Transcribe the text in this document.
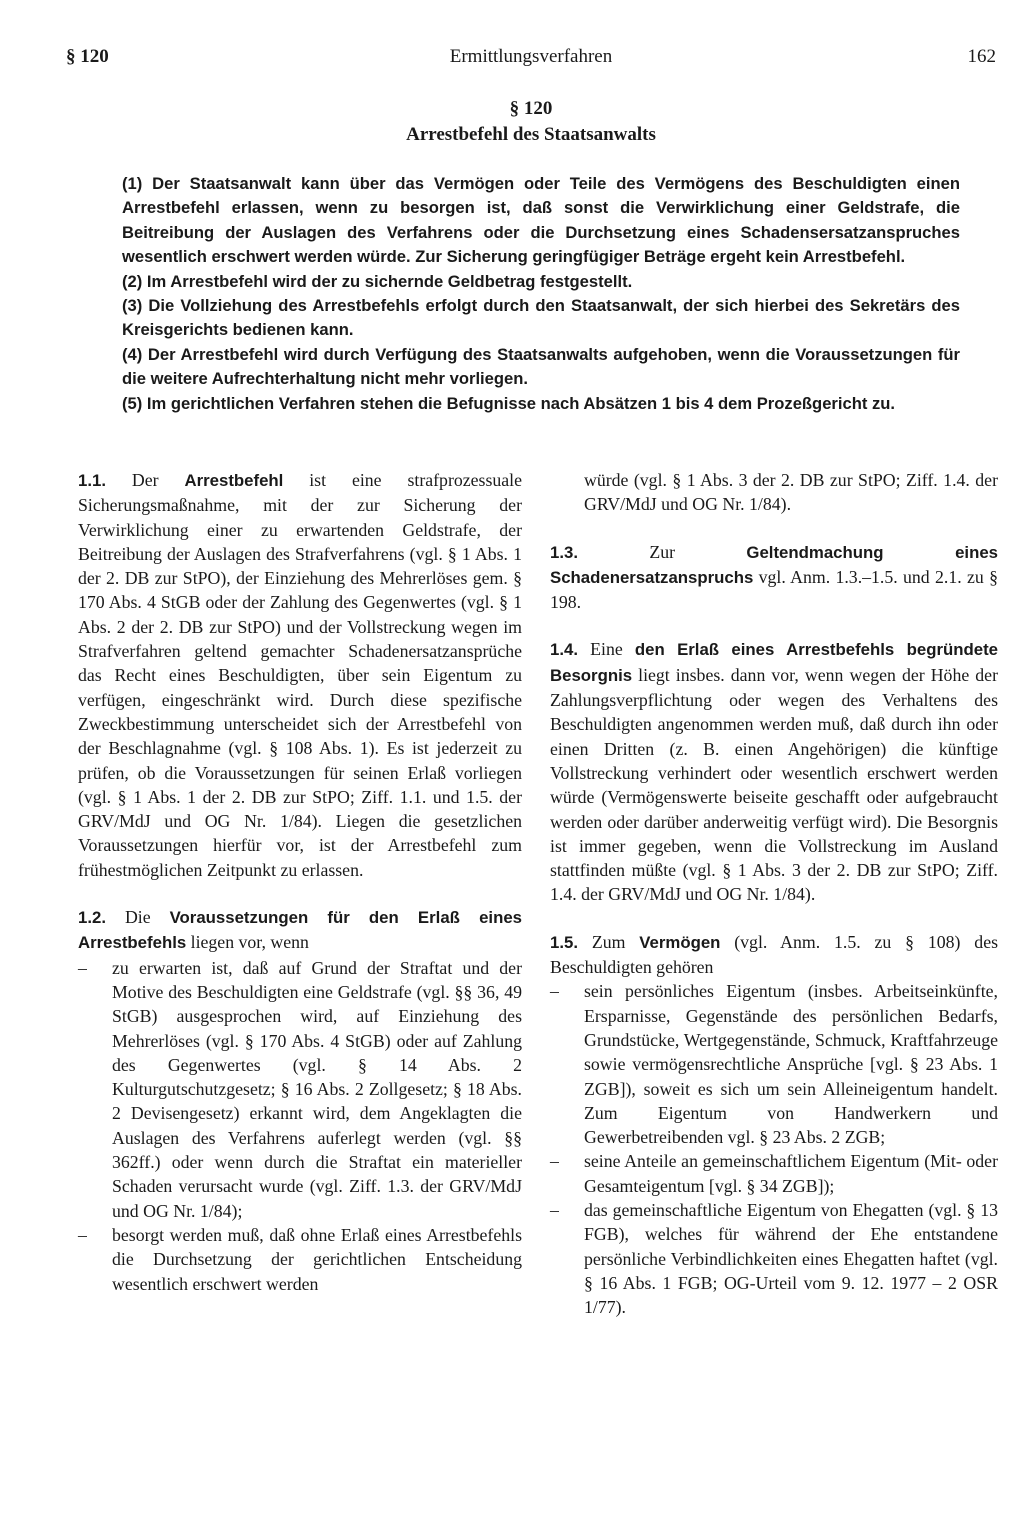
§ 120	Ermittlungsverfahren	162
§ 120
Arrestbefehl des Staatsanwalts

(1) Der Staatsanwalt kann über das Vermögen oder Teile des Vermögens des Beschuldigten einen Arrestbefehl erlassen, wenn zu besorgen ist, daß sonst die Verwirklichung einer Geldstrafe, die Beitreibung der Auslagen des Verfahrens oder die Durchsetzung eines Schadensersatzanspruches wesentlich erschwert werden würde. Zur Sicherung geringfügiger Beträge ergeht kein Arrestbefehl.

(2) Im Arrestbefehl wird der zu sichernde Geldbetrag festgestellt.

(3) Die Vollziehung des Arrestbefehls erfolgt durch den Staatsanwalt, der sich hierbei des Sekretärs des Kreisgerichts bedienen kann.

(4) Der Arrestbefehl wird durch Verfügung des Staatsanwalts aufgehoben, wenn die Voraussetzungen für die weitere Aufrechterhaltung nicht mehr vorliegen.

(5) Im gerichtlichen Verfahren stehen die Befugnisse nach Absätzen 1 bis 4 dem Prozeßgericht zu.

1.1. Der Arrestbefehl ist eine strafprozessuale Sicherungsmaßnahme, mit der zur Sicherung der Verwirklichung einer zu erwartenden Geldstrafe, der Beitreibung der Auslagen des Strafverfahrens (vgl. § 1 Abs. 1 der 2. DB zur StPO), der Einziehung des Mehrerlöses gem. § 170 Abs. 4 StGB oder der Zahlung des Gegenwertes (vgl. § 1 Abs. 2 der 2. DB zur StPO) und der Vollstreckung wegen im Strafverfahren geltend gemachter Schadenersatzansprüche das Recht eines Beschuldigten, über sein Eigentum zu verfügen, eingeschränkt wird. Durch diese spezifische Zweckbestimmung unterscheidet sich der Arrestbefehl von der Beschlagnahme (vgl. § 108 Abs. 1). Es ist jederzeit zu prüfen, ob die Voraussetzungen für seinen Erlaß vorliegen (vgl. § 1 Abs. 1 der 2. DB zur StPO; Ziff. 1.1. und 1.5. der GRV/MdJ und OG Nr. 1/84). Liegen die gesetzlichen Voraussetzungen hierfür vor, ist der Arrestbefehl zum frühestmöglichen Zeitpunkt zu erlassen.

1.2. Die Voraussetzungen für den Erlaß eines Arrestbefehls liegen vor, wenn

– zu erwarten ist, daß auf Grund der Straftat und der Motive des Beschuldigten eine Geldstrafe (vgl. §§ 36, 49 StGB) ausgesprochen wird, auf Einziehung des Mehrerlöses (vgl. § 170 Abs. 4 StGB) oder auf Zahlung des Gegenwertes (vgl. § 14 Abs. 2 Kulturgutschutzgesetz; § 16 Abs. 2 Zollgesetz; § 18 Abs. 2 Devisengesetz) erkannt wird, dem Angeklagten die Auslagen des Verfahrens auferlegt werden (vgl. §§ 362ff.) oder wenn durch die Straftat ein materieller Schaden verursacht wurde (vgl. Ziff. 1.3. der GRV/MdJ und OG Nr. 1/84);
– besorgt werden muß, daß ohne Erlaß eines Arrestbefehls die Durchsetzung der gerichtlichen Entscheidung wesentlich erschwert werden

würde (vgl. § 1 Abs. 3 der 2. DB zur StPO; Ziff. 1.4. der GRV/MdJ und OG Nr. 1/84).

1.3. Zur Geltendmachung eines Schadenersatzanspruchs vgl. Anm. 1.3.–1.5. und 2.1. zu § 198.

1.4. Eine den Erlaß eines Arrestbefehls begründete Besorgnis liegt insbes. dann vor, wenn wegen der Höhe der Zahlungsverpflichtung oder wegen des Verhaltens des Beschuldigten angenommen werden muß, daß durch ihn oder einen Dritten (z. B. einen Angehörigen) die künftige Vollstreckung verhindert oder wesentlich erschwert werden würde (Vermögenswerte beiseite geschafft oder aufgebraucht werden oder darüber anderweitig verfügt wird). Die Besorgnis ist immer gegeben, wenn die Vollstreckung im Ausland stattfinden müßte (vgl. § 1 Abs. 3 der 2. DB zur StPO; Ziff. 1.4. der GRV/MdJ und OG Nr. 1/84).

1.5. Zum Vermögen (vgl. Anm. 1.5. zu § 108) des Beschuldigten gehören

– sein persönliches Eigentum (insbes. Arbeitseinkünfte, Ersparnisse, Gegenstände des persönlichen Bedarfs, Grundstücke, Wertgegenstände, Schmuck, Kraftfahrzeuge sowie vermögensrechtliche Ansprüche [vgl. § 23 Abs. 1 ZGB]), soweit es sich um sein Alleineigentum handelt. Zum Eigentum von Handwerkern und Gewerbetreibenden vgl. § 23 Abs. 2 ZGB;
– seine Anteile an gemeinschaftlichem Eigentum (Mit- oder Gesamteigentum [vgl. § 34 ZGB]);
– das gemeinschaftliche Eigentum von Ehegatten (vgl. § 13 FGB), welches für während der Ehe entstandene persönliche Verbindlichkeiten eines Ehegatten haftet (vgl. § 16 Abs. 1 FGB; OG-Urteil vom 9. 12. 1977 – 2 OSR 1/77).
